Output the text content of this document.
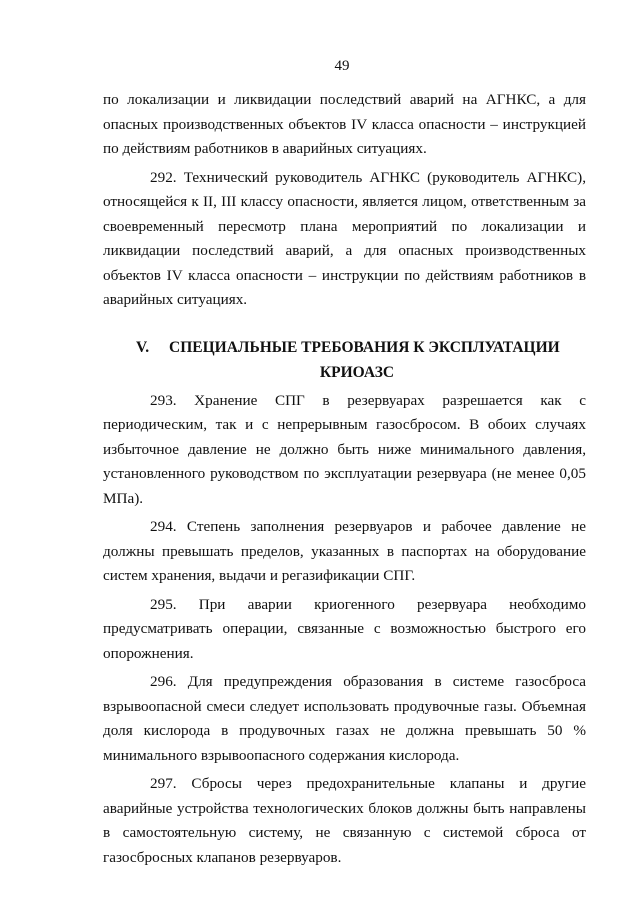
49

по локализации и ликвидации последствий аварий на АГНКС, а для опасных производственных объектов IV класса опасности – инструкцией по действиям работников в аварийных ситуациях.

292. Технический руководитель АГНКС (руководитель АГНКС), относящейся к II, III классу опасности, является лицом, ответственным за своевременный пересмотр плана мероприятий по локализации и ликвидации последствий аварий, а для опасных производственных объектов IV класса опасности – инструкции по действиям работников в аварийных ситуациях.

V.	СПЕЦИАЛЬНЫЕ ТРЕБОВАНИЯ К ЭКСПЛУАТАЦИИ
КРИОАЗС

293. Хранение СПГ в резервуарах разрешается как с периодическим, так и с непрерывным газосбросом. В обоих случаях избыточное давление не должно быть ниже минимального давления, установленного руководством по эксплуатации резервуара (не менее 0,05 МПа).

294. Степень заполнения резервуаров и рабочее давление не должны превышать пределов, указанных в паспортах на оборудование систем хранения, выдачи и регазификации СПГ.

295. При аварии криогенного резервуара необходимо предусматривать операции, связанные с возможностью быстрого его опорожнения.

296. Для предупреждения образования в системе газосброса взрывоопасной смеси следует использовать продувочные газы. Объемная доля кислорода в продувочных газах не должна превышать 50 % минимального взрывоопасного содержания кислорода.

297. Сбросы через предохранительные клапаны и другие аварийные устройства технологических блоков должны быть направлены в самостоятельную систему, не связанную с системой сброса от газосбросных клапанов резервуаров.
